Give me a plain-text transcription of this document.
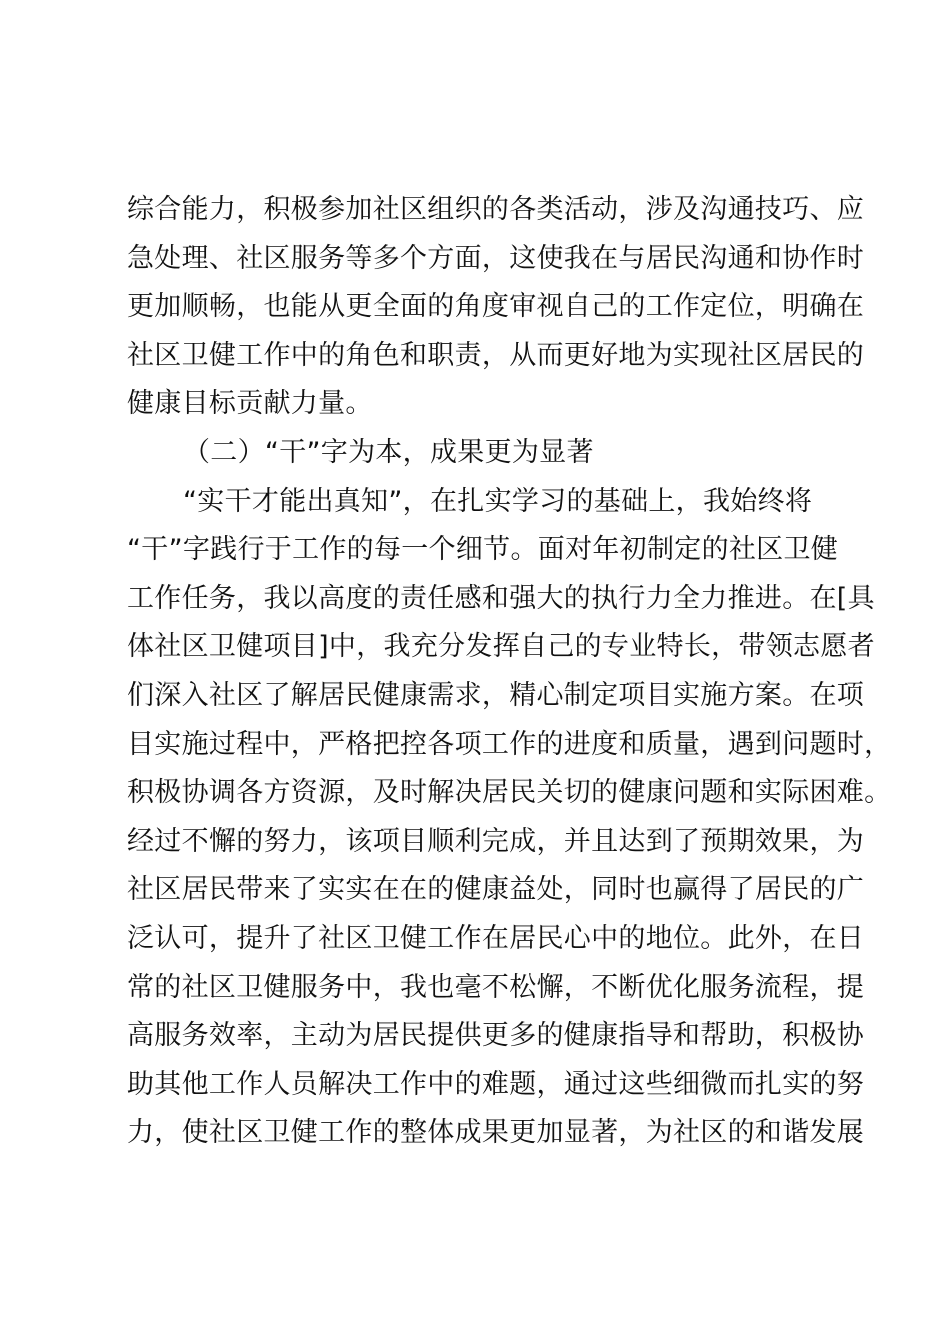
综合能力，积极参加社区组织的各类活动，涉及沟通技巧、应
急处理、社区服务等多个方面，这使我在与居民沟通和协作时
更加顺畅，也能从更全面的角度审视自己的工作定位，明确在
社区卫健工作中的角色和职责，从而更好地为实现社区居民的
健康目标贡献力量。
（二）“干”字为本，成果更为显著
“实干才能出真知”，在扎实学习的基础上，我始终将
“干”字践行于工作的每一个细节。面对年初制定的社区卫健
工作任务，我以高度的责任感和强大的执行力全力推进。在[具
体社区卫健项目]中，我充分发挥自己的专业特长，带领志愿者
们深入社区了解居民健康需求，精心制定项目实施方案。在项
目实施过程中，严格把控各项工作的进度和质量，遇到问题时，
积极协调各方资源，及时解决居民关切的健康问题和实际困难。
经过不懈的努力，该项目顺利完成，并且达到了预期效果，为
社区居民带来了实实在在的健康益处，同时也赢得了居民的广
泛认可，提升了社区卫健工作在居民心中的地位。此外，在日
常的社区卫健服务中，我也毫不松懈，不断优化服务流程，提
高服务效率，主动为居民提供更多的健康指导和帮助，积极协
助其他工作人员解决工作中的难题，通过这些细微而扎实的努
力，使社区卫健工作的整体成果更加显著，为社区的和谐发展
